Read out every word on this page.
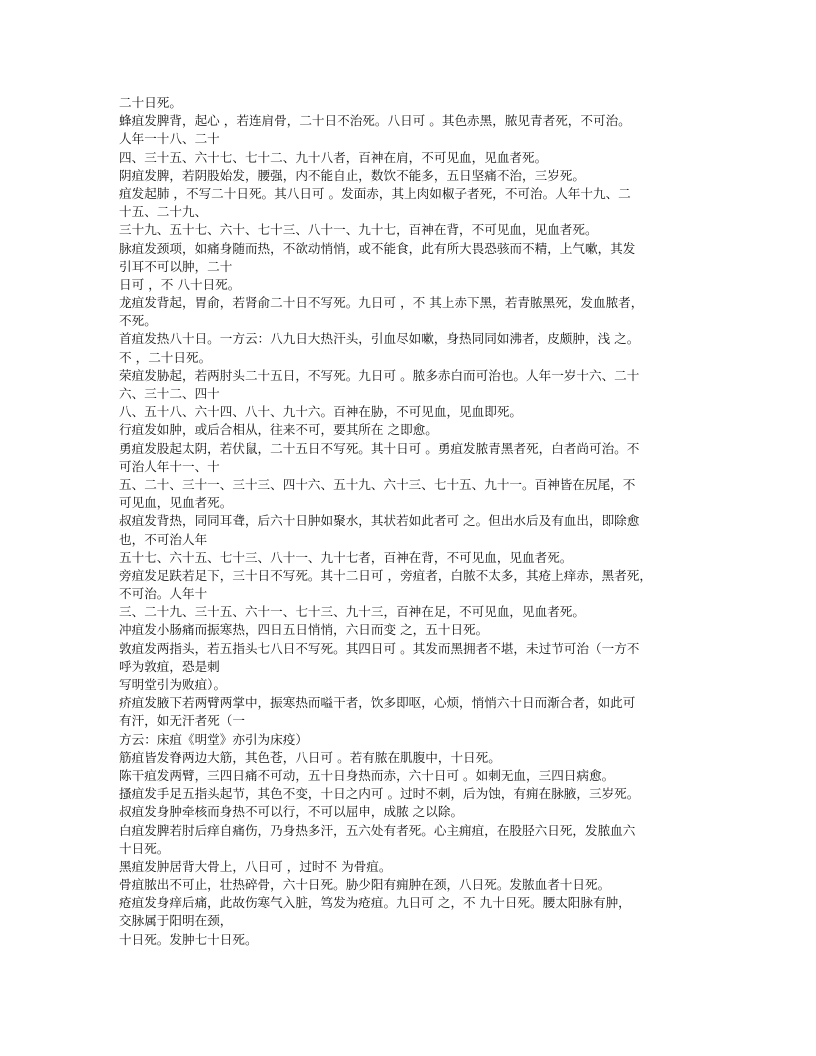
二十日死。
蜂疽发脾背，起心 ，若连肩骨，二十日不治死。八日可 。其色赤黑，脓见青者死，不可治。
人年一十八、二十
四、三十五、六十七、七十二、九十八者，百神在肩，不可见血，见血者死。
阴疽发脾，若阴股始发，腰强，内不能自止，数饮不能多，五日坚痛不治，三岁死。
疽发起肺 ，不写二十日死。其八日可 。发面赤，其上肉如椒子者死，不可治。人年十九、二
十五、二十九、
三十九、五十七、六十、七十三、八十一、九十七，百神在背，不可见血，见血者死。
脉疽发颈项，如痛身随而热，不欲动悄悄，或不能食，此有所大畏恐骇而不精，上气嗽，其发
引耳不可以肿，二十
日可 ，不 八十日死。
龙疽发背起，胃俞，若肾俞二十日不写死。九日可 ，不 其上赤下黑，若青脓黑死，发血脓者，
不死。
首疽发热八十日。一方云：八九日大热汗头，引血尽如嗽，身热同同如沸者，皮颇肿，浅 之。
不 ，二十日死。
荣疽发胁起，若两肘头二十五日，不写死。九日可 。脓多赤白而可治也。人年一岁十六、二十
六、三十二、四十
八、五十八、六十四、八十、九十六。百神在胁，不可见血，见血即死。
行疽发如肿，或后合相从，往来不可，要其所在 之即愈。
勇疽发股起太阴，若伏鼠，二十五日不写死。其十日可 。勇疽发脓青黑者死，白者尚可治。不
可治人年十一、十
五、二十、三十一、三十三、四十六、五十九、六十三、七十五、九十一。百神皆在尻尾，不
可见血，见血者死。
叔疽发背热，同同耳聋，后六十日肿如聚水，其状若如此者可 之。但出水后及有血出，即除愈
也，不可治人年
五十七、六十五、七十三、八十一、九十七者，百神在背，不可见血，见血者死。
旁疽发足趺若足下，三十日不写死。其十二日可 ，旁疽者，白脓不太多，其疮上痒赤，黑者死，
不可治。人年十
三、二十九、三十五、六十一、七十三、九十三，百神在足，不可见血，见血者死。
冲疽发小肠痛而振寒热，四日五日悄悄，六日而变 之，五十日死。
敦疽发两指头，若五指头七八日不写死。其四日可 。其发而黑拥者不堪，未过节可治（一方不
呼为敦疽，恐是刺
写明堂引为败疽）。
疥疽发腋下若两臂两掌中，振寒热而嗌干者，饮多即呕，心烦，悄悄六十日而渐合者，如此可
有汗，如无汗者死（一
方云：床疽《明堂》亦引为床疫）
筋疽皆发脊两边大筋，其色苍，八日可 。若有脓在肌腹中，十日死。
陈干疽发两臂，三四日痛不可动，五十日身热而赤，六十日可 。如刺无血，三四日病愈。
搔疽发手足五指头起节，其色不变，十日之内可 。过时不刺，后为蚀，有痈在脉腋，三岁死。
叔疽发身肿牵核而身热不可以行，不可以屈申，成脓 之以除。
白疽发脾若肘后痒自痛伤，乃身热多汗，五六处有者死。心主痈疽，在股胫六日死，发脓血六
十日死。
黑疽发肿居背大骨上，八日可 ，过时不 为骨疽。
骨疽脓出不可止，壮热碎骨，六十日死。胁少阳有痈肿在颈，八日死。发脓血者十日死。
疮疽发身痒后痛，此故伤寒气入脏，笃发为疮疽。九日可 之，不 九十日死。腰太阳脉有肿，
交脉属于阳明在颈，
十日死。发肿七十日死。
